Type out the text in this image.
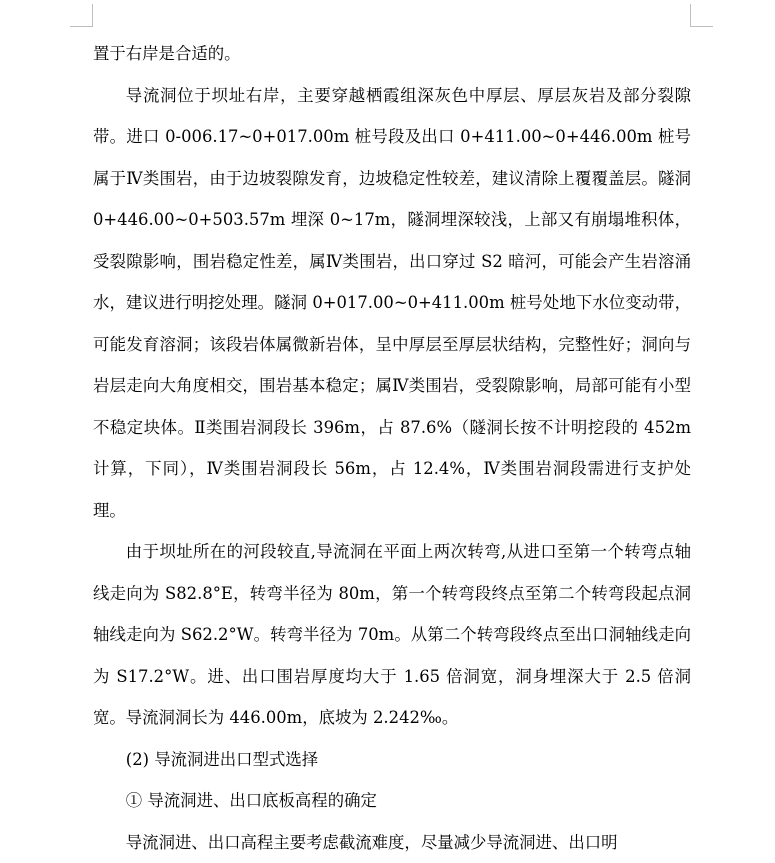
置于右岸是合适的。

导流洞位于坝址右岸，主要穿越栖霞组深灰色中厚层、厚层灰岩及部分裂隙带。进口 0-006.17~0+017.00m 桩号段及出口 0+411.00~0+446.00m 桩号属于Ⅳ类围岩，由于边坡裂隙发育，边坡稳定性较差，建议清除上覆覆盖层。隧洞 0+446.00~0+503.57m 埋深 0~17m，隧洞埋深较浅，上部又有崩塌堆积体，受裂隙影响，围岩稳定性差，属Ⅳ类围岩，出口穿过 S2 暗河，可能会产生岩溶涌水，建议进行明挖处理。隧洞 0+017.00~0+411.00m 桩号处地下水位变动带，可能发育溶洞；该段岩体属微新岩体，呈中厚层至厚层状结构，完整性好；洞向与岩层走向大角度相交，围岩基本稳定；属Ⅳ类围岩，受裂隙影响，局部可能有小型不稳定块体。Ⅱ类围岩洞段长 396m，占 87.6%（隧洞长按不计明挖段的 452m 计算，下同），Ⅳ类围岩洞段长 56m，占 12.4%，Ⅳ类围岩洞段需进行支护处理。

由于坝址所在的河段较直,导流洞在平面上两次转弯,从进口至第一个转弯点轴线走向为 S82.8°E，转弯半径为 80m，第一个转弯段终点至第二个转弯段起点洞轴线走向为 S62.2°W。转弯半径为 70m。从第二个转弯段终点至出口洞轴线走向为 S17.2°W。进、出口围岩厚度均大于 1.65 倍洞宽，洞身埋深大于 2.5 倍洞宽。导流洞洞长为 446.00m，底坡为 2.242‰。

(2) 导流洞进出口型式选择

① 导流洞进、出口底板高程的确定

导流洞进、出口高程主要考虑截流难度，尽量减少导流洞进、出口明
